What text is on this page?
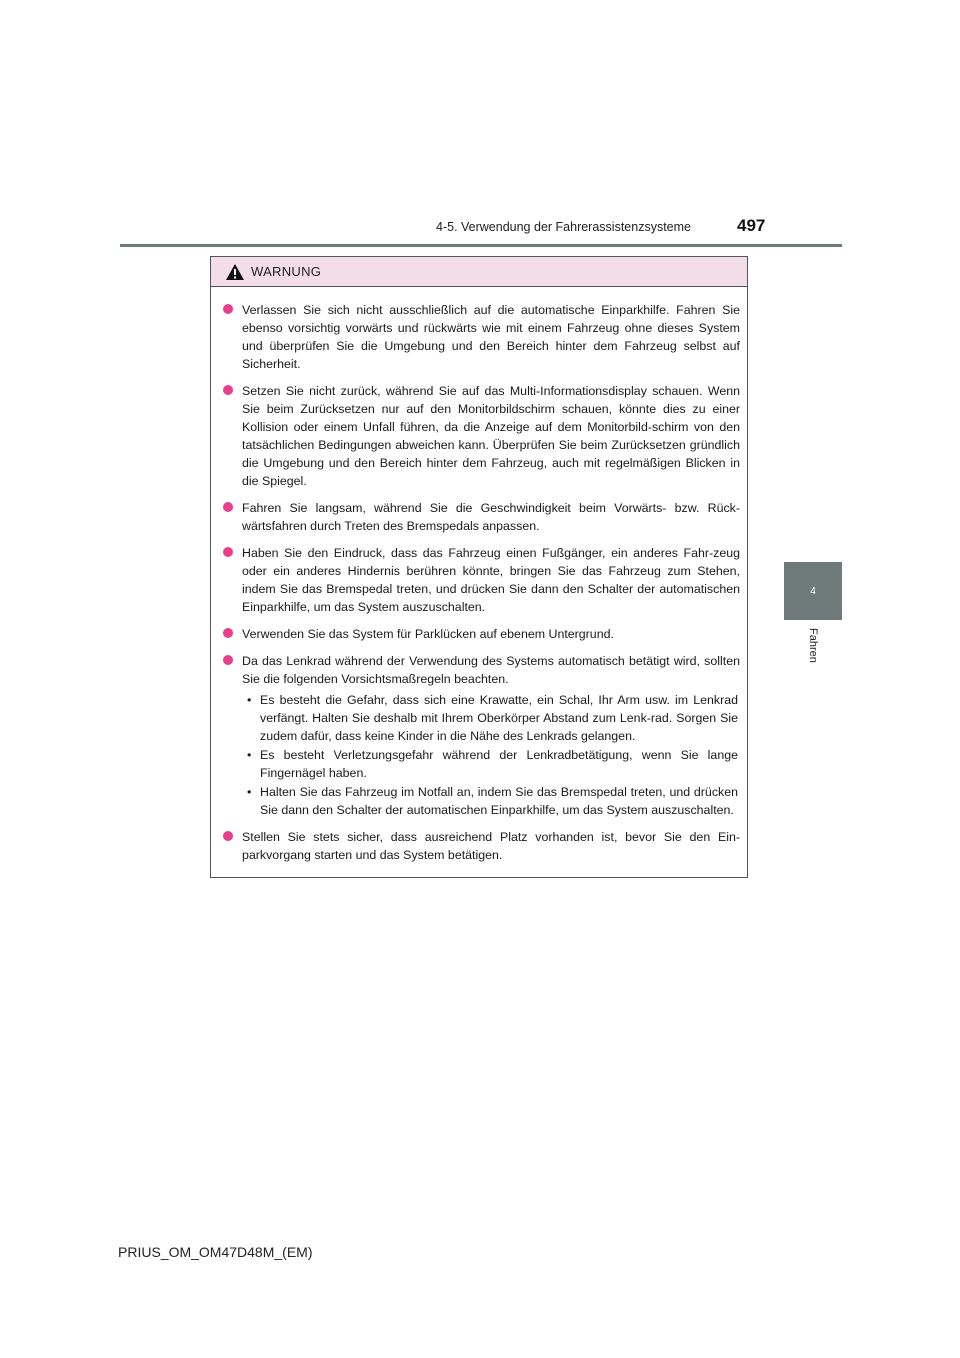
4-5. Verwendung der Fahrerassistenzsysteme	497
4
Fahren
WARNUNG
Verlassen Sie sich nicht ausschließlich auf die automatische Einparkhilfe. Fahren Sie ebenso vorsichtig vorwärts und rückwärts wie mit einem Fahrzeug ohne dieses System und überprüfen Sie die Umgebung und den Bereich hinter dem Fahrzeug selbst auf Sicherheit.
Setzen Sie nicht zurück, während Sie auf das Multi-Informationsdisplay schauen. Wenn Sie beim Zurücksetzen nur auf den Monitorbildschirm schauen, könnte dies zu einer Kollision oder einem Unfall führen, da die Anzeige auf dem Monitorbild-schirm von den tatsächlichen Bedingungen abweichen kann. Überprüfen Sie beim Zurücksetzen gründlich die Umgebung und den Bereich hinter dem Fahrzeug, auch mit regelmäßigen Blicken in die Spiegel.
Fahren Sie langsam, während Sie die Geschwindigkeit beim Vorwärts- bzw. Rück-wärtsfahren durch Treten des Bremspedals anpassen.
Haben Sie den Eindruck, dass das Fahrzeug einen Fußgänger, ein anderes Fahr-zeug oder ein anderes Hindernis berühren könnte, bringen Sie das Fahrzeug zum Stehen, indem Sie das Bremspedal treten, und drücken Sie dann den Schalter der automatischen Einparkhilfe, um das System auszuschalten.
Verwenden Sie das System für Parklücken auf ebenem Untergrund.
Da das Lenkrad während der Verwendung des Systems automatisch betätigt wird, sollten Sie die folgenden Vorsichtsmaßregeln beachten.
• Es besteht die Gefahr, dass sich eine Krawatte, ein Schal, Ihr Arm usw. im Lenkrad verfängt. Halten Sie deshalb mit Ihrem Oberkörper Abstand zum Lenk-rad. Sorgen Sie zudem dafür, dass keine Kinder in die Nähe des Lenkrads gelangen.
• Es besteht Verletzungsgefahr während der Lenkradbetätigung, wenn Sie lange Fingernägel haben.
• Halten Sie das Fahrzeug im Notfall an, indem Sie das Bremspedal treten, und drücken Sie dann den Schalter der automatischen Einparkhilfe, um das System auszuschalten.
Stellen Sie stets sicher, dass ausreichend Platz vorhanden ist, bevor Sie den Ein-parkvorgang starten und das System betätigen.
PRIUS_OM_OM47D48M_(EM)
